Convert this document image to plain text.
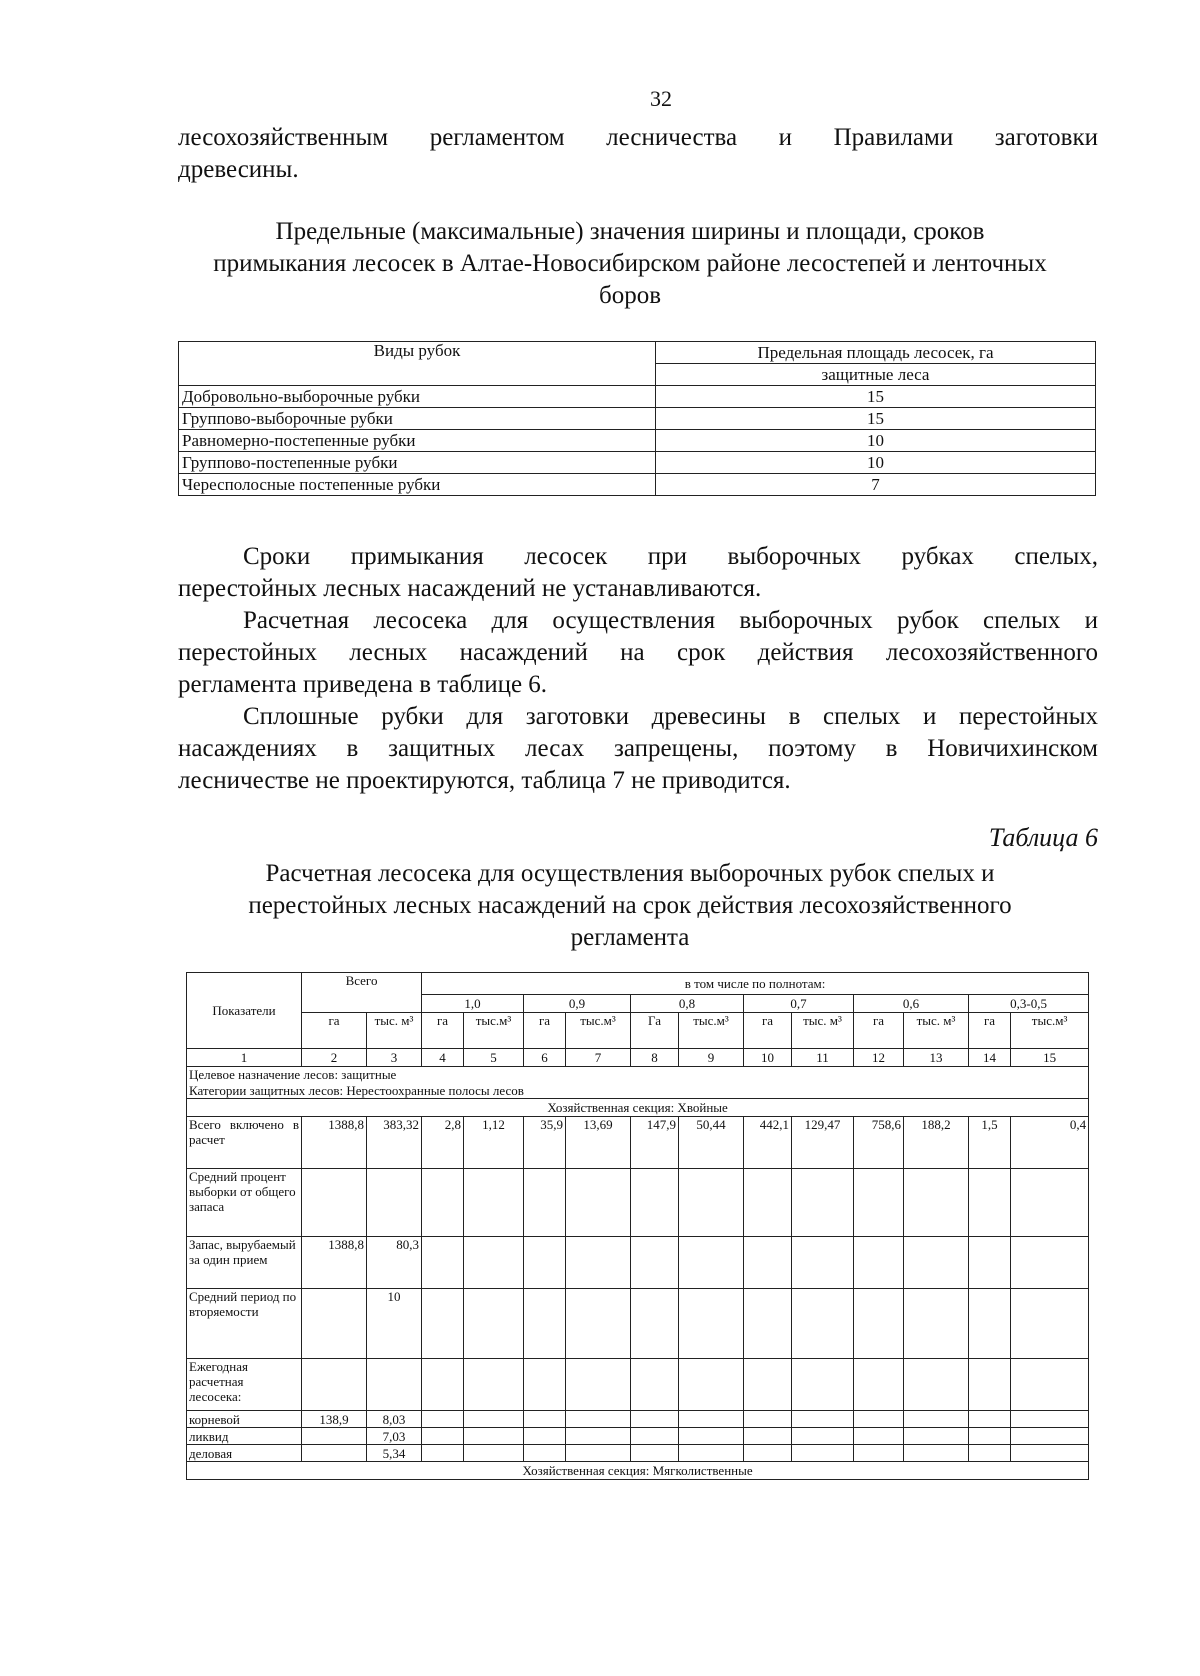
32
лесохозяйственным регламентом лесничества и Правилами заготовки
древесины.
Предельные (максимальные) значения ширины и площади, сроков
примыкания лесосек в Алтае-Новосибирском районе лесостепей и ленточных
боров
Виды рубок	Предельная площадь лесосек, га
	защитные леса
Добровольно-выборочные рубки	15
Группово-выборочные рубки	15
Равномерно-постепенные рубки	10
Группово-постепенные рубки	10
Чересполосные постепенные рубки	7
Сроки примыкания лесосек при выборочных рубках спелых,
перестойных лесных насаждений не устанавливаются.
Расчетная лесосека для осуществления выборочных рубок спелых и
перестойных лесных насаждений на срок действия лесохозяйственного
регламента приведена в таблице 6.
Сплошные рубки для заготовки древесины в спелых и перестойных
насаждениях в защитных лесах запрещены, поэтому в Новичихинском
лесничестве не проектируются, таблица 7 не приводится.
Таблица 6
Расчетная лесосека для осуществления выборочных рубок спелых и
перестойных лесных насаждений на срок действия лесохозяйственного
регламента
Показатели	Всего		в том числе по полнотам:											
			1,0		0,9		0,8		0,7		0,6		0,3-0,5	
	га	тыс. м³	га	тыс.м³	га	тыс.м³	Га	тыс.м³	га	тыс. м³	га	тыс. м³	га	тыс.м³
1	2	3	4	5	6	7	8	9	10	11	12	13	14	15
Целевое назначение лесов: защитные														
Категории защитных лесов: Нерестоохранные полосы лесов														
Хозяйственная секция: Хвойные														
Всего включено в расчет	1388,8	383,32	2,8	1,12	35,9	13,69	147,9	50,44	442,1	129,47	758,6	188,2	1,5	0,4
Средний процент выборки от общего запаса														
Запас, вырубаемый за один прием	1388,8	80,3												
Средний период повторяемости		10												
Ежегодная расчетная лесосека:														
корневой	138,9	8,03												
ликвид		7,03												
деловая		5,34												
Хозяйственная секция: Мягколиственные														
